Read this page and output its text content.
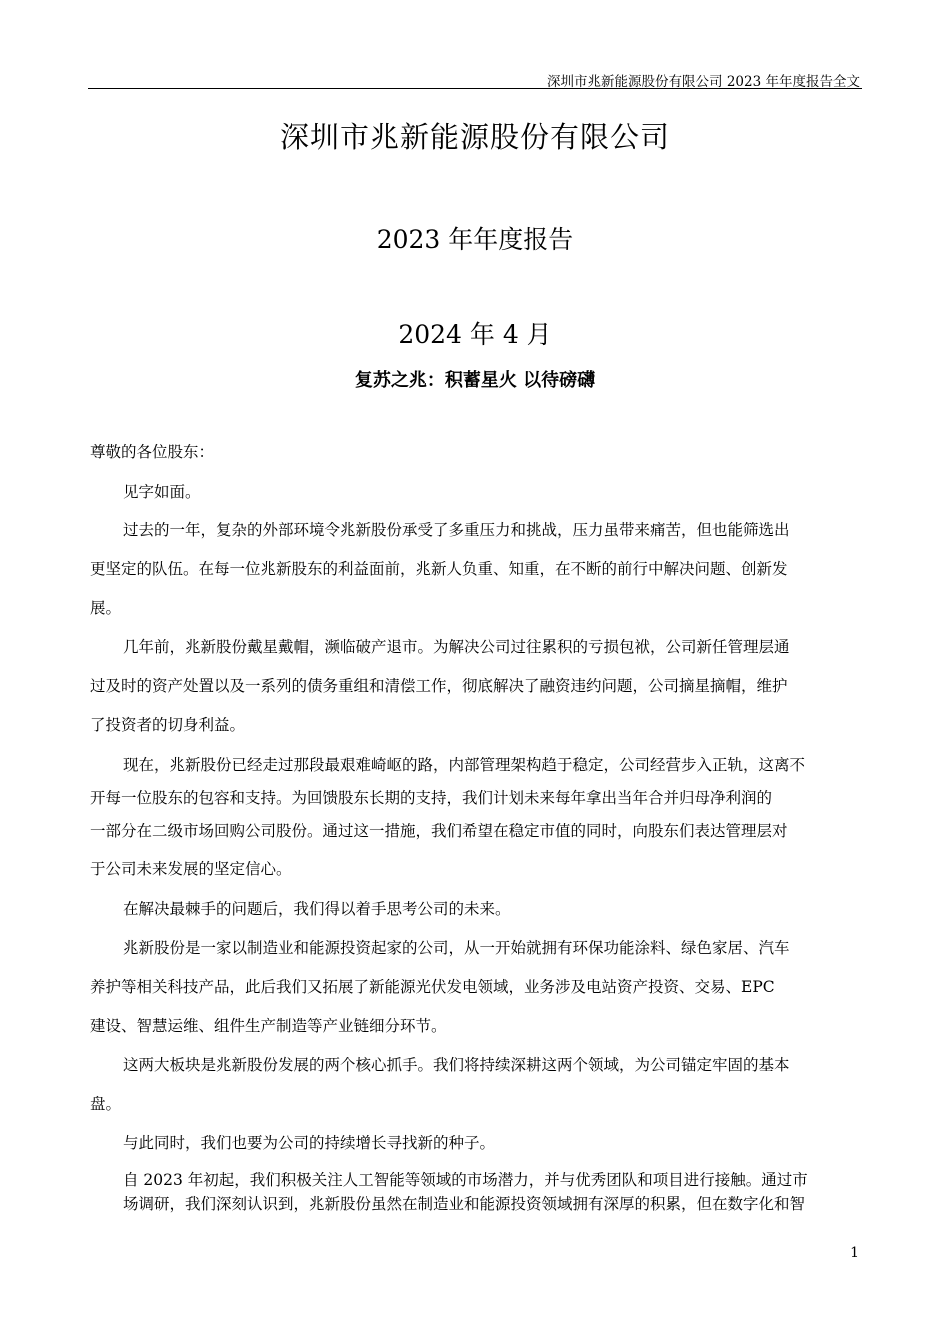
深圳市兆新能源股份有限公司 2023 年年度报告全文
深圳市兆新能源股份有限公司
2023 年年度报告
2024 年 4 月
复苏之兆：积蓄星火 以待磅礴
尊敬的各位股东：
见字如面。
过去的一年，复杂的外部环境令兆新股份承受了多重压力和挑战，压力虽带来痛苦，但也能筛选出
更坚定的队伍。在每一位兆新股东的利益面前，兆新人负重、知重，在不断的前行中解决问题、创新发
展。
几年前，兆新股份戴星戴帽，濒临破产退市。为解决公司过往累积的亏损包袱，公司新任管理层通
过及时的资产处置以及一系列的债务重组和清偿工作，彻底解决了融资违约问题，公司摘星摘帽，维护
了投资者的切身利益。
现在，兆新股份已经走过那段最艰难崎岖的路，内部管理架构趋于稳定，公司经营步入正轨，这离不
开每一位股东的包容和支持。为回馈股东长期的支持，我们计划未来每年拿出当年合并归母净利润的
一部分在二级市场回购公司股份。通过这一措施，我们希望在稳定市值的同时，向股东们表达管理层对
于公司未来发展的坚定信心。
在解决最棘手的问题后，我们得以着手思考公司的未来。
兆新股份是一家以制造业和能源投资起家的公司，从一开始就拥有环保功能涂料、绿色家居、汽车
养护等相关科技产品，此后我们又拓展了新能源光伏发电领域，业务涉及电站资产投资、交易、EPC
建设、智慧运维、组件生产制造等产业链细分环节。
这两大板块是兆新股份发展的两个核心抓手。我们将持续深耕这两个领域，为公司锚定牢固的基本
盘。
与此同时，我们也要为公司的持续增长寻找新的种子。
自 2023 年初起，我们积极关注人工智能等领域的市场潜力，并与优秀团队和项目进行接触。通过市
场调研，我们深刻认识到，兆新股份虽然在制造业和能源投资领域拥有深厚的积累，但在数字化和智
1
